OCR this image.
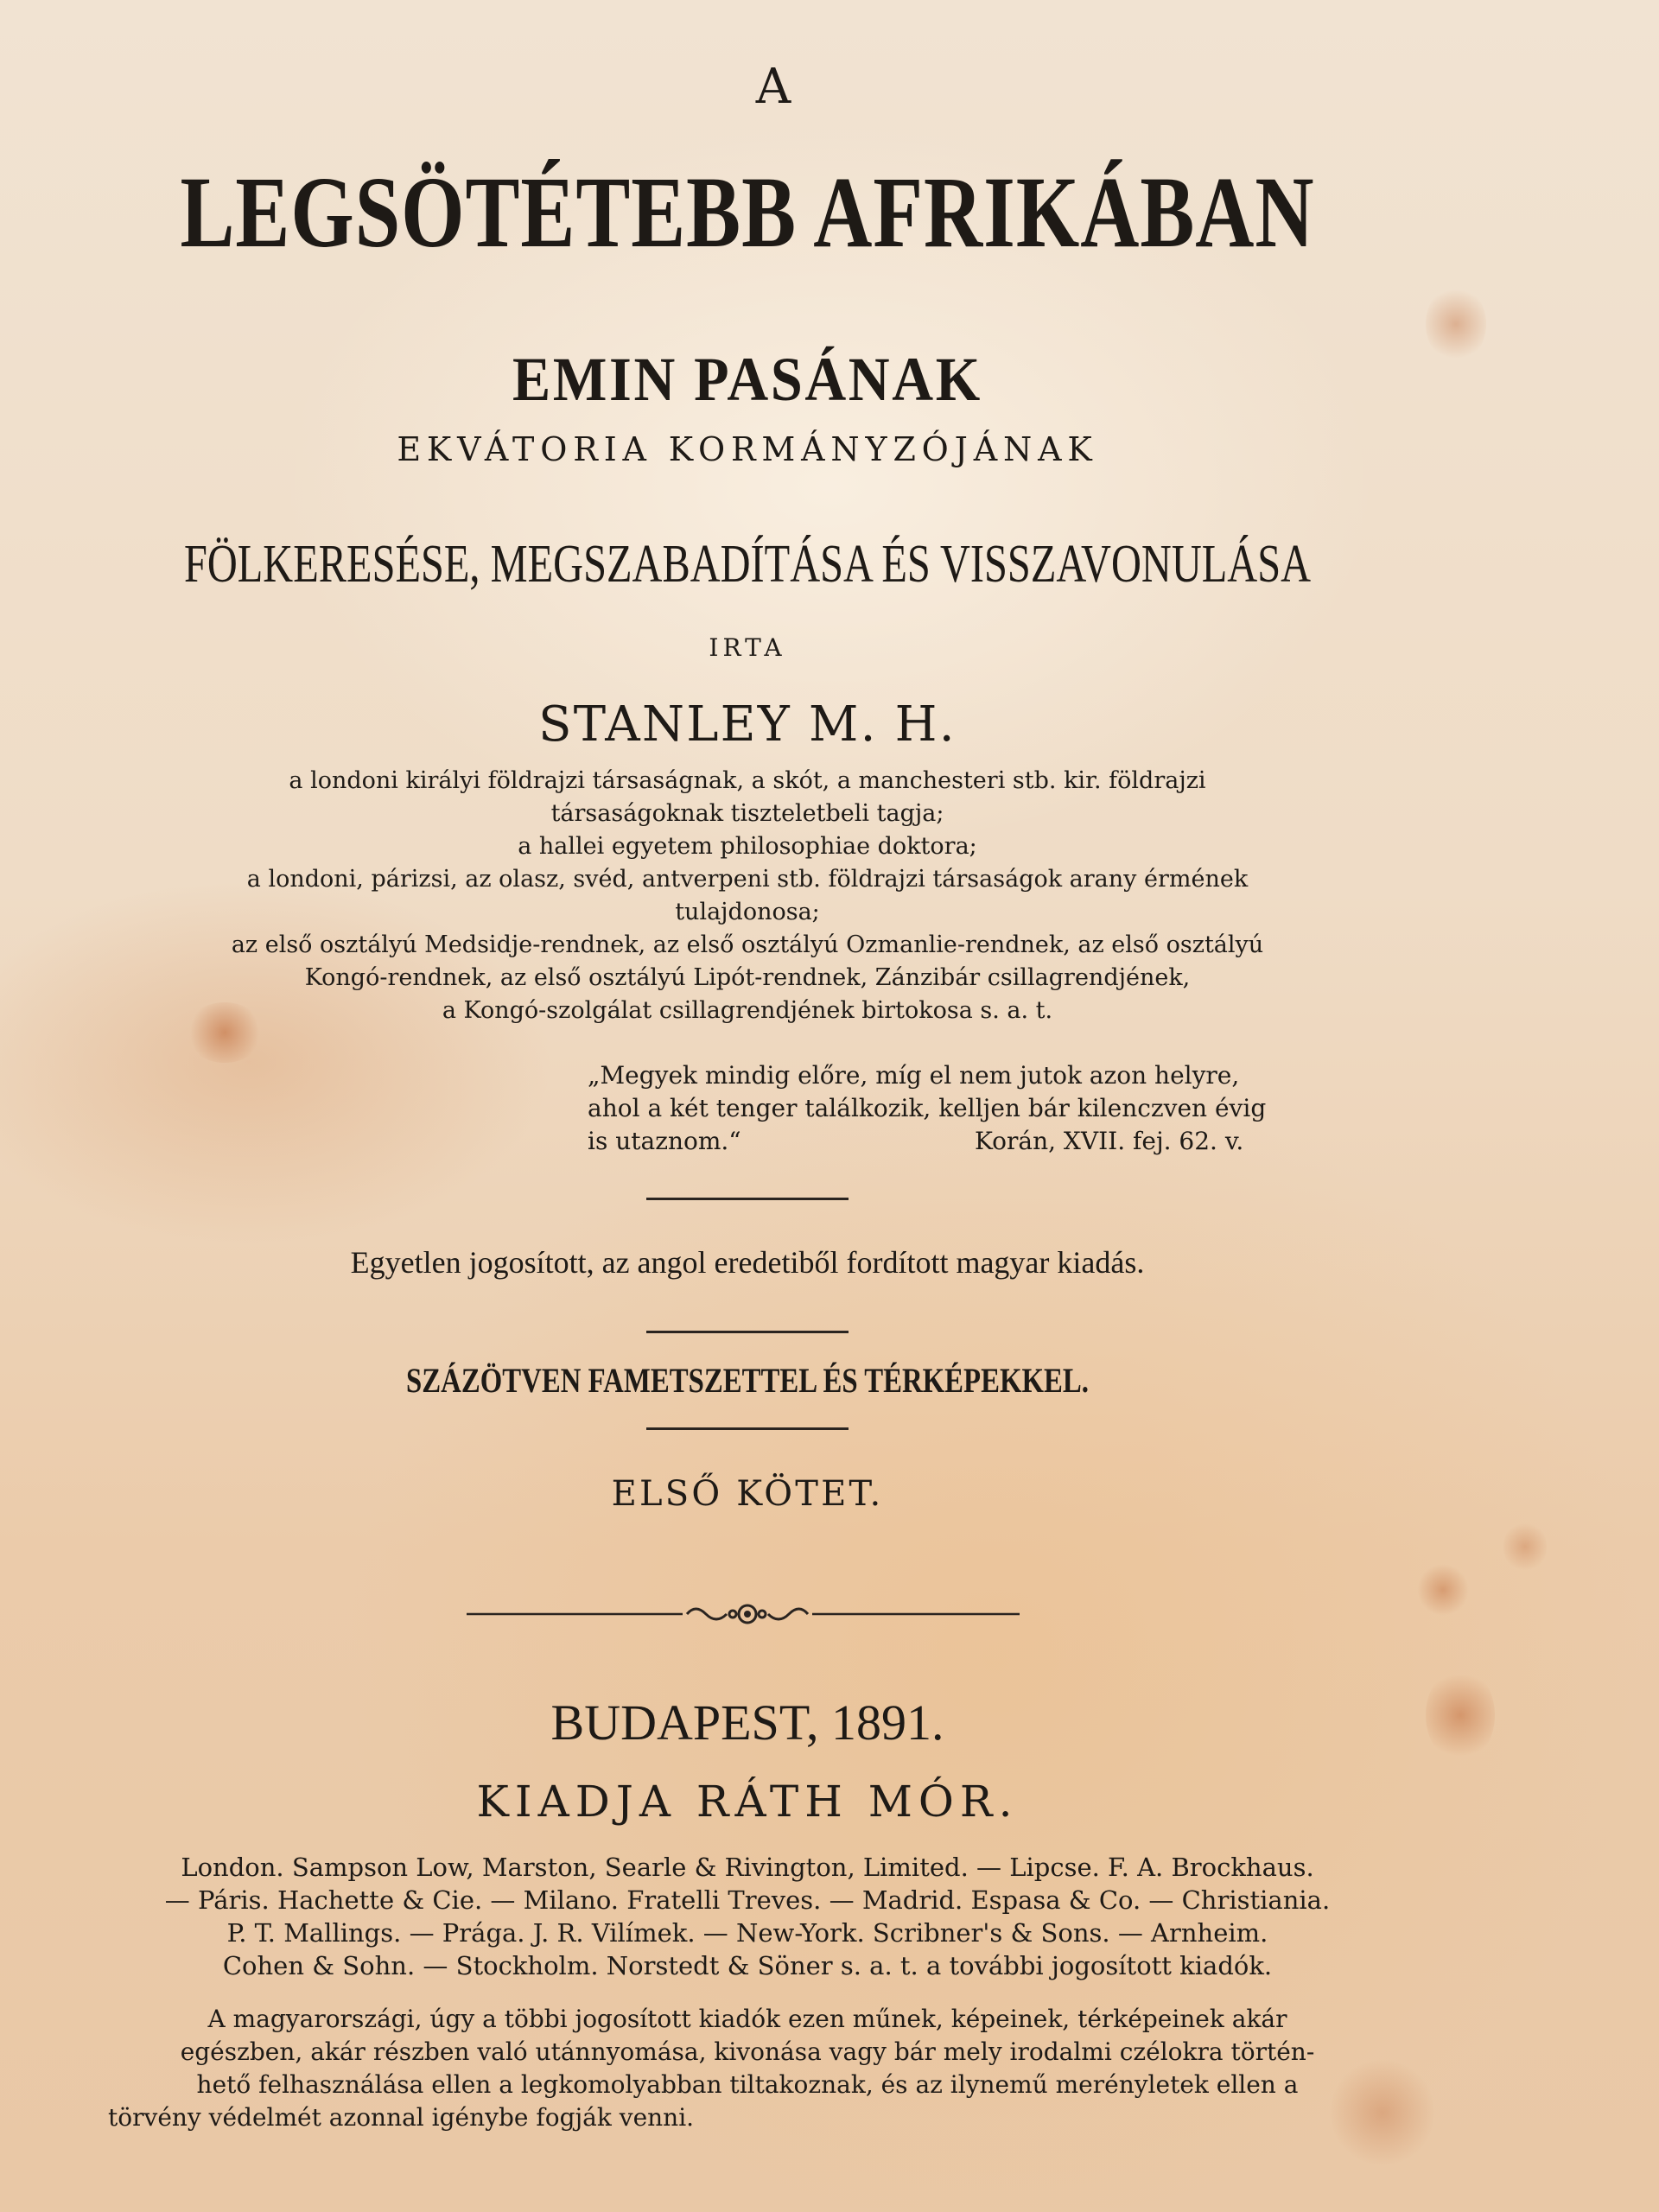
A
LEGSÖTÉTEBB AFRIKÁBAN
EMIN PASÁNAK
EKVÁTORIA KORMÁNYZÓJÁNAK
FÖLKERESÉSE, MEGSZABADÍTÁSA ÉS VISSZAVONULÁSA
IRTA
STANLEY M. H.
a londoni királyi földrajzi társaságnak, a skót, a manchesteri stb. kir. földrajzi
társaságoknak tiszteletbeli tagja;
a hallei egyetem philosophiae doktora;
a londoni, párizsi, az olasz, svéd, antverpeni stb. földrajzi társaságok arany érmének
tulajdonosa;
az első osztályú Medsidje-rendnek, az első osztályú Ozmanlie-rendnek, az első osztályú
Kongó-rendnek, az első osztályú Lipót-rendnek, Zánzibár csillagrendjének,
a Kongó-szolgálat csillagrendjének birtokosa s. a. t.
„Megyek mindig előre, míg el nem jutok azon helyre,
ahol a két tenger találkozik, kelljen bár kilenczven évig
is utaznom.“	Korán, XVII. fej. 62. v.
Egyetlen jogosított, az angol eredetiből fordított magyar kiadás.
SZÁZÖTVEN FAMETSZETTEL ÉS TÉRKÉPEKKEL.
ELSŐ KÖTET.
BUDAPEST, 1891.
KIADJA RÁTH MÓR.
London. Sampson Low, Marston, Searle & Rivington, Limited. — Lipcse. F. A. Brockhaus.
— Páris. Hachette & Cie. — Milano. Fratelli Treves. — Madrid. Espasa & Co. — Christiania.
P. T. Mallings. — Prága. J. R. Vilímek. — New-York. Scribner's & Sons. — Arnheim.
Cohen & Sohn. — Stockholm. Norstedt & Söner s. a. t. a további jogosított kiadók.
A magyarországi, úgy a többi jogosított kiadók ezen műnek, képeinek, térképeinek akár
egészben, akár részben való utánnyomása, kivonása vagy bár mely irodalmi czélokra történ-
hető felhasználása ellen a legkomolyabban tiltakoznak, és az ilynemű merényletek ellen a
törvény védelmét azonnal igénybe fogják venni.
